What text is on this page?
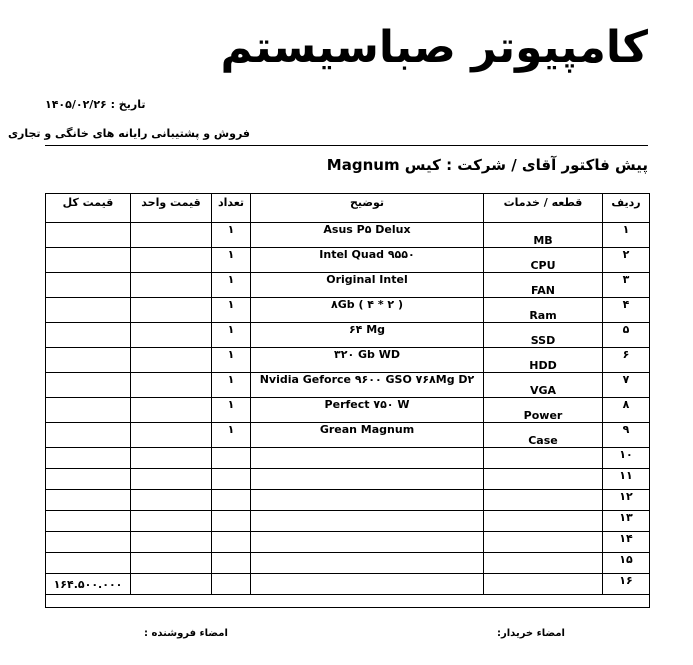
کامپیوتر صباسیستم
تاریخ : ۱۴۰۵/۰۲/۲۶
فروش و پشتیبانی رایانه های خانگی و تجاری
پیش فاکتور آقای / شرکت : کیس Magnum
قیمت کل	قیمت واحد	تعداد	توضیح	قطعه / خدمات	ردیف
		۱	Asus P۵ Delux	MB	۱
		۱	Intel Quad ۹۵۵۰	CPU	۲
		۱	Original Intel	FAN	۳
		۱	۸Gb ( ۴ * ۲ )	Ram	۴
		۱	۶۴ Mg	SSD	۵
		۱	۳۲۰ Gb WD	HDD	۶
		۱	Nvidia Geforce ۹۶۰۰ GSO ۷۶۸Mg D۲	VGA	۷
		۱	Perfect ۷۵۰ W	Power	۸
		۱	Grean Magnum	Case	۹
					۱۰
					۱۱
					۱۲
					۱۳
					۱۴
					۱۵
۱۶۴.۵۰۰.۰۰۰					۱۶

امضاء خریدار:
امضاء فروشنده :
